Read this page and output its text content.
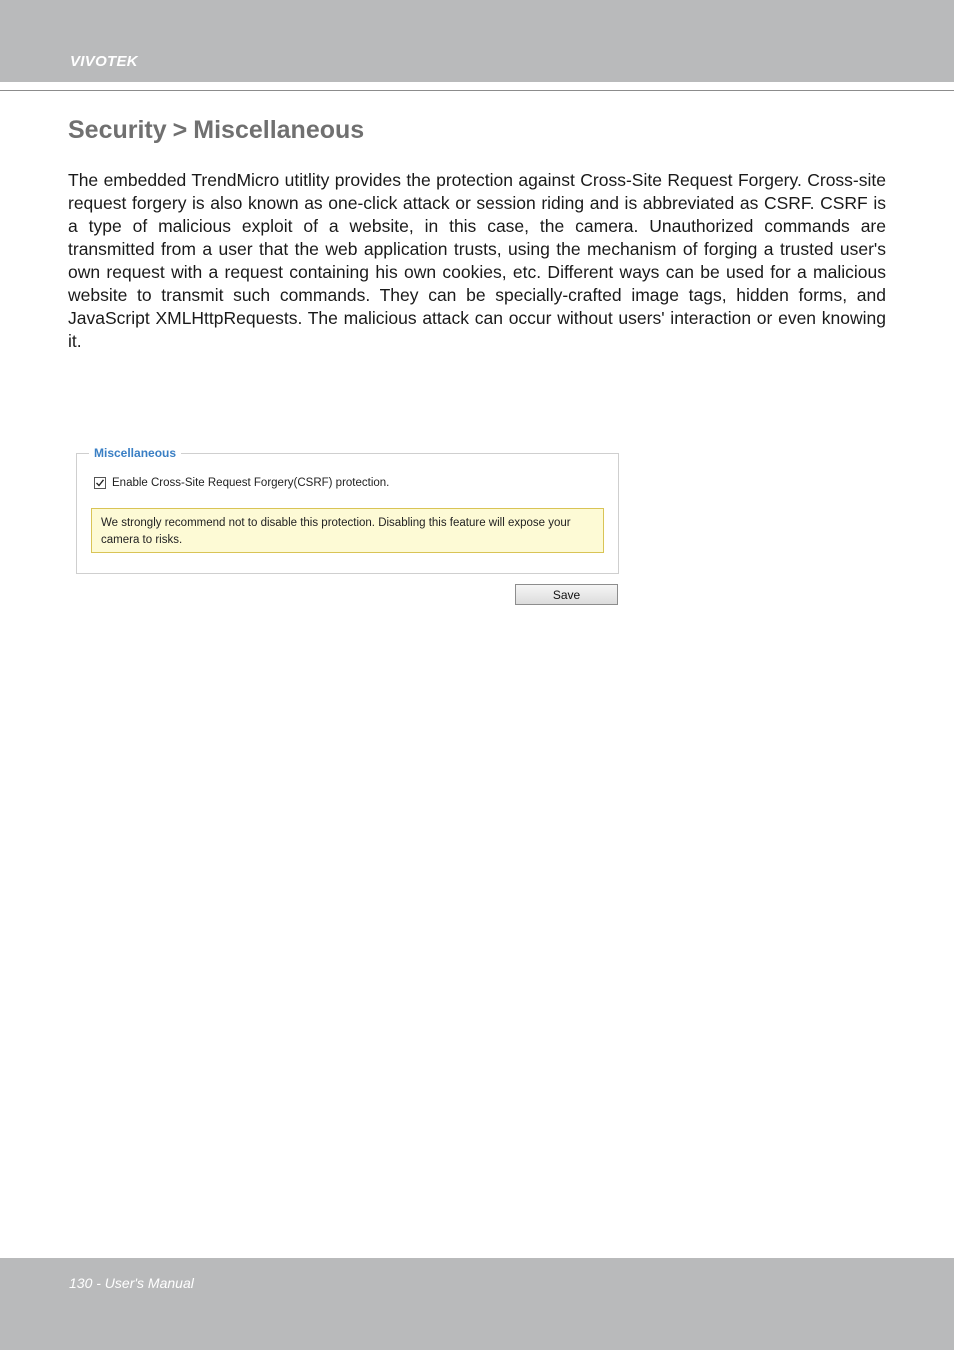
VIVOTEK
Security > Miscellaneous

The embedded TrendMicro utitlity provides the protection against Cross-Site Request Forgery. Cross-site request forgery is also known as one-click attack or session riding and is abbreviated as CSRF. CSRF is a type of malicious exploit of a website, in this case, the camera. Unauthorized commands are transmitted from a user that the web application trusts, using the mechanism of forging a trusted user's own request with a request containing his own cookies, etc. Different ways can be used for a malicious website to transmit such commands. They can be specially-crafted image tags, hidden forms, and JavaScript XMLHttpRequests. The malicious attack can occur without users' interaction or even knowing it.

Miscellaneous
Enable Cross-Site Request Forgery(CSRF) protection.
We strongly recommend not to disable this protection. Disabling this feature will expose your camera to risks.
Save
130 - User's Manual
